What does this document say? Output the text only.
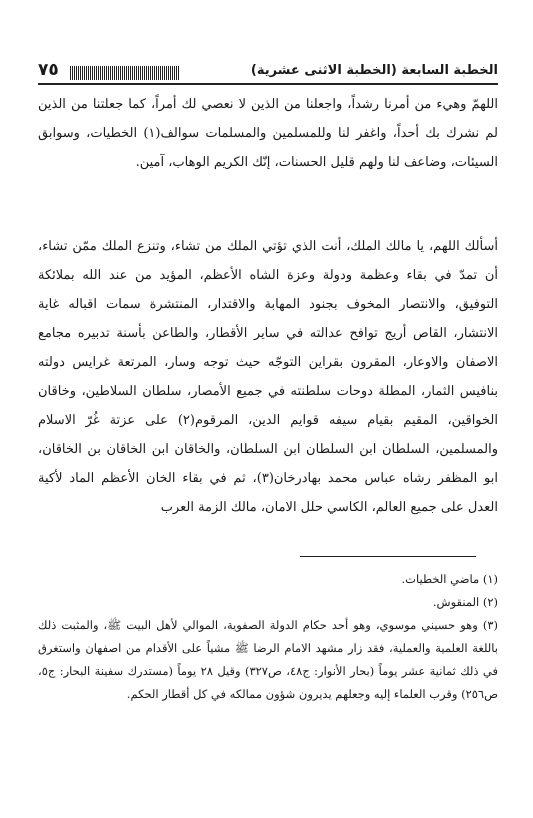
الخطبة السابعة (الخطبة الاثنى عشرية)
٧٥

اللهمّ وهيء من أمرنا رشداً، واجعلنا من الذين لا نعصي لك أمراً، كما جعلتنا من الذين لم نشرك بك أحداً، واغفر لنا وللمسلمين والمسلمات سوالف(١) الخطيات، وسوابق السيئات، وضاعف لنا ولهم قليل الحسنات، إنّك الكريم الوهاب، آمين.

أسألك اللهم، يا مالك الملك، أنت الذي تؤتي الملك من تشاء، وتنزع الملك ممّن تشاء، أن تمدّ في بقاء وعظمة ودولة وعزة الشاه الأعظم، المؤيد من عند الله بملائكة التوفيق، والانتصار المخوف بجنود المهابة والاقتدار، المنتشرة سمات اقباله غاية الانتشار، القاص أريج توافح عدالته في ساير الأقطار، والطاعن بأسنة تدبيره مجامع الاصفان والاوعار، المقرون بقراين التوجّه حيث توجه وسار، المرتعة غرايس دولته بنافيس الثمار، المطلة دوحات سلطنته في جميع الأمصار، سلطان السلاطين، وخاقان الخواقين، المقيم بقيام سيفه قوايم الدين، المرقوم(٢) على عزتة غُرّ الاسلام والمسلمين، السلطان ابن السلطان ابن السلطان، والخاقان ابن الخاقان بن الخاقان، ابو المظفر رشاه عباس محمد بهادرخان(٣)، ثم في بقاء الخان الأعظم الماد لأكية العدل على جميع العالم، الكاسي حلل الامان، مالك الزمة العرب

(١) ماضي الخطيات.

(٢) المنقوش.

(٣) وهو حسيني موسوي، وهو أحد حكام الدولة الصفوية، الموالي لأهل البيت ﷺ، والمثبت ذلك باللغة العلمية والعملية، فقد زار مشهد الامام الرضا ﷺ مشياً على الأقدام من اصفهان واستغرق في ذلك ثمانية عشر يوماً (بحار الأنوار: ج٤٨، ص٣٢٧) وقيل ٢٨ يوماً (مستدرك سفينة البحار: ج٥، ص٢٥٦) وقرب العلماء إليه وجعلهم يديرون شؤون ممالكه في كل أقطار الحكم.
